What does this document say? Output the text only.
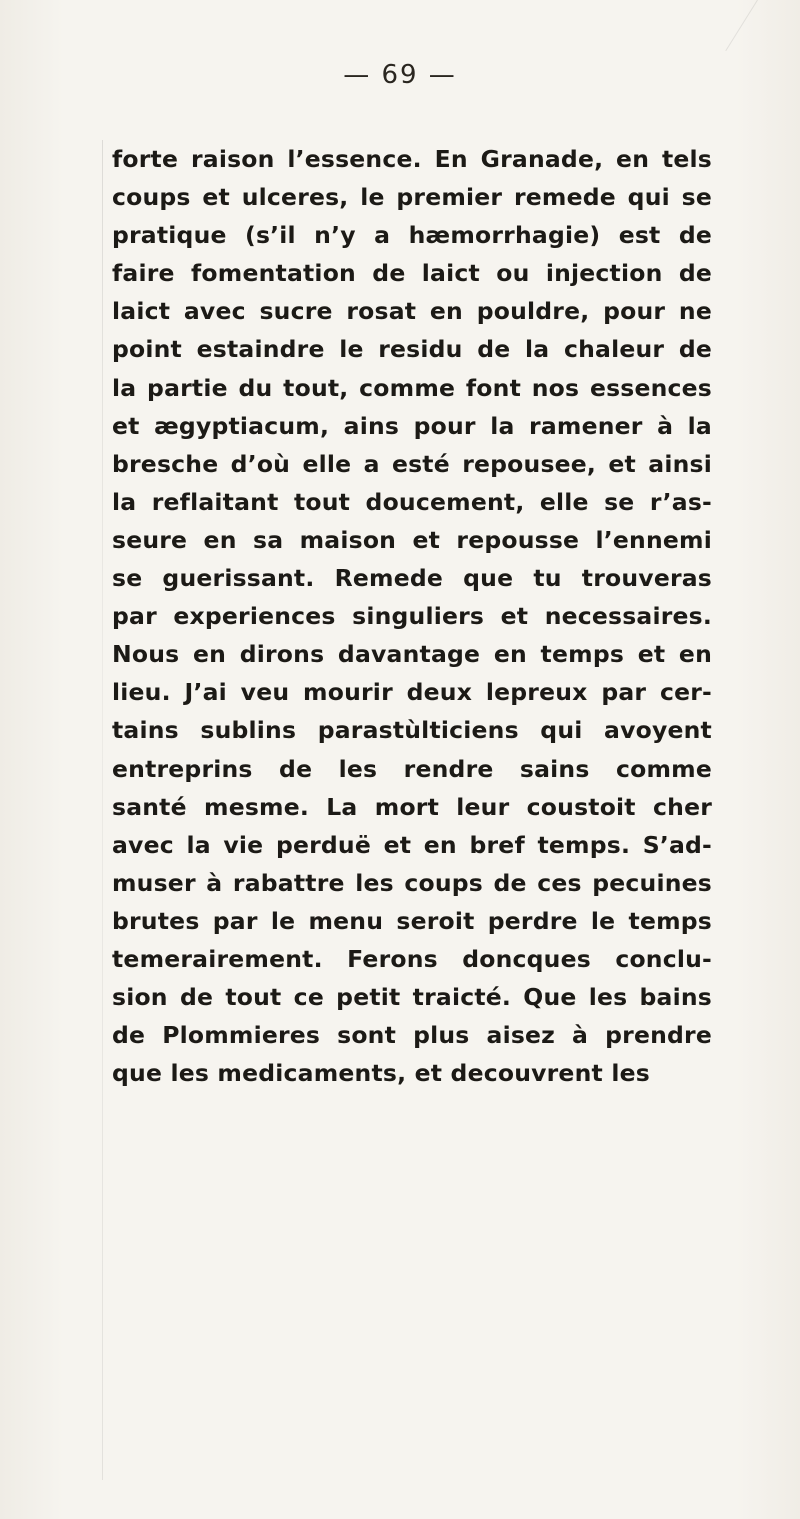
— 69 —
forte raison l’essence. En Granade, en tels
coups et ulceres, le premier remede qui se
pratique (s’il n’y a hæmorrhagie) est de
faire fomentation de laict ou injection de
laict avec sucre rosat en pouldre, pour ne
point estaindre le residu de la chaleur de
la partie du tout, comme font nos essences
et ægyptiacum, ains pour la ramener à la
bresche d’où elle a esté repousee, et ainsi
la reflaitant tout doucement, elle se r’as-
seure en sa maison et repousse l’ennemi
se guerissant. Remede que tu trouveras
par experiences singuliers et necessaires.
Nous en dirons davantage en temps et en
lieu. J’ai veu mourir deux lepreux par cer-
tains sublins parastùlticiens qui avoyent
entreprins de les rendre sains comme
santé mesme. La mort leur coustoit cher
avec la vie perduë et en bref temps. S’ad-
muser à rabattre les coups de ces pecuines
brutes par le menu seroit perdre le temps
temerairement. Ferons doncques conclu-
sion de tout ce petit traicté. Que les bains
de Plommieres sont plus aisez à prendre
que les medicaments, et decouvrent les
